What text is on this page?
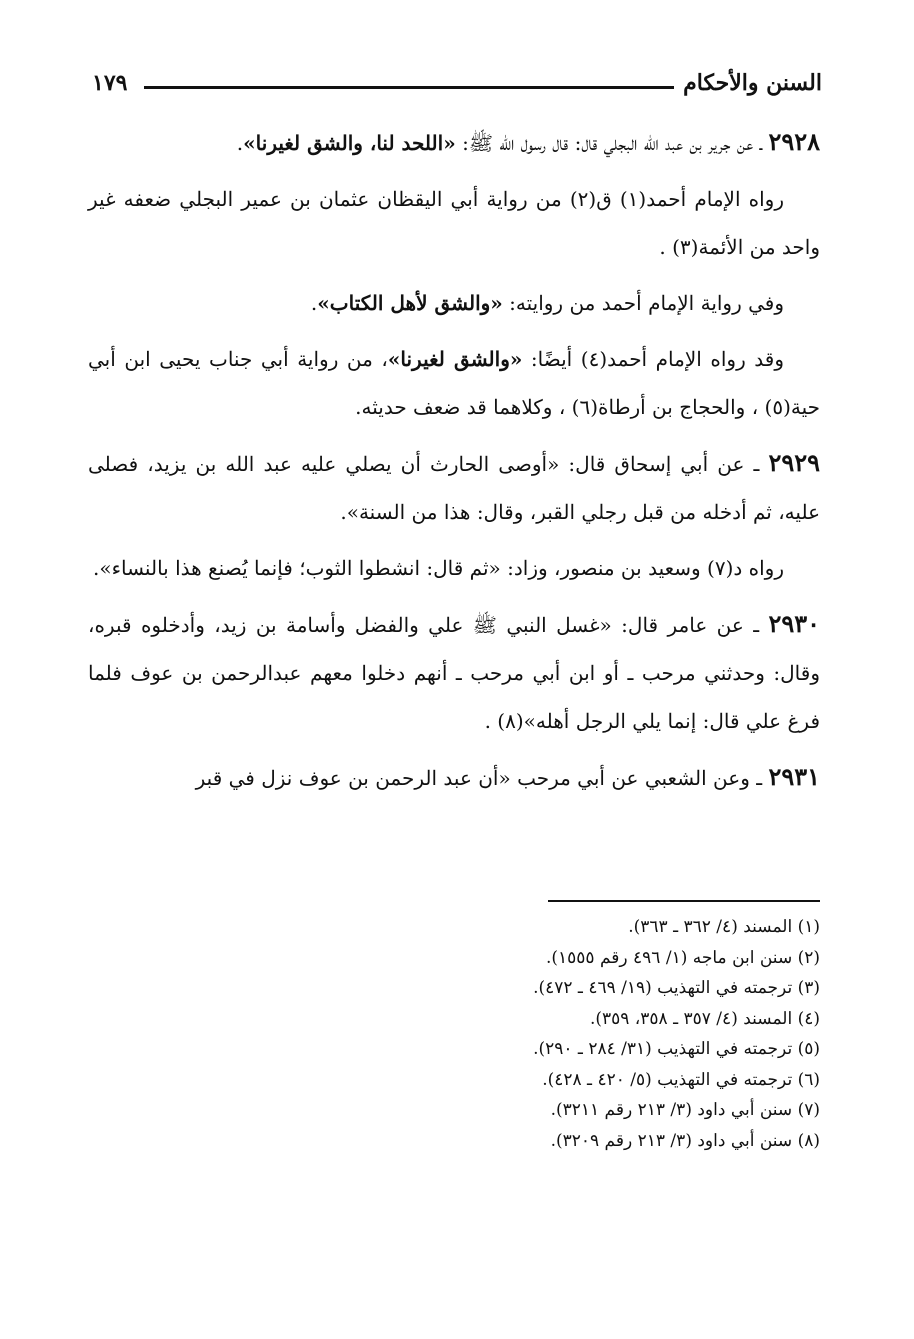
السنن والأحكام
١٧٩

٢٩٢٨ ـ عن جرير بن عبد الله البجلي قال: قال رسول الله ﷺ: «اللحد لنا، والشق لغيرنا».

رواه الإمام أحمد(١) ق(٢) من رواية أبي اليقظان عثمان بن عمير البجلي ضعفه غير واحد من الأئمة(٣) .

وفي رواية الإمام أحمد من روايته: «والشق لأهل الكتاب».

وقد رواه الإمام أحمد(٤) أيضًا: «والشق لغيرنا»، من رواية أبي جناب يحيى ابن أبي حية(٥) ، والحجاج بن أرطاة(٦) ، وكلاهما قد ضعف حديثه.

٢٩٢٩ ـ عن أبي إسحاق قال: «أوصى الحارث أن يصلي عليه عبد الله بن يزيد، فصلى عليه، ثم أدخله من قبل رجلي القبر، وقال: هذا من السنة».

رواه د(٧) وسعيد بن منصور، وزاد: «ثم قال: انشطوا الثوب؛ فإنما يُصنع هذا بالنساء».

٢٩٣٠ ـ عن عامر قال: «غسل النبي ﷺ علي والفضل وأسامة بن زيد، وأدخلوه قبره، وقال: وحدثني مرحب ـ أو ابن أبي مرحب ـ أنهم دخلوا معهم عبدالرحمن بن عوف فلما فرغ علي قال: إنما يلي الرجل أهله»(٨) .

٢٩٣١ ـ وعن الشعبي عن أبي مرحب «أن عبد الرحمن بن عوف نزل في قبر

(١) المسند (٤/ ٣٦٢ ـ ٣٦٣).
(٢) سنن ابن ماجه (١/ ٤٩٦ رقم ١٥٥٥).
(٣) ترجمته في التهذيب (١٩/ ٤٦٩ ـ ٤٧٢).
(٤) المسند (٤/ ٣٥٧ ـ ٣٥٨، ٣٥٩).
(٥) ترجمته في التهذيب (٣١/ ٢٨٤ ـ ٢٩٠).
(٦) ترجمته في التهذيب (٥/ ٤٢٠ ـ ٤٢٨).
(٧) سنن أبي داود (٣/ ٢١٣ رقم ٣٢١١).
(٨) سنن أبي داود (٣/ ٢١٣ رقم ٣٢٠٩).
